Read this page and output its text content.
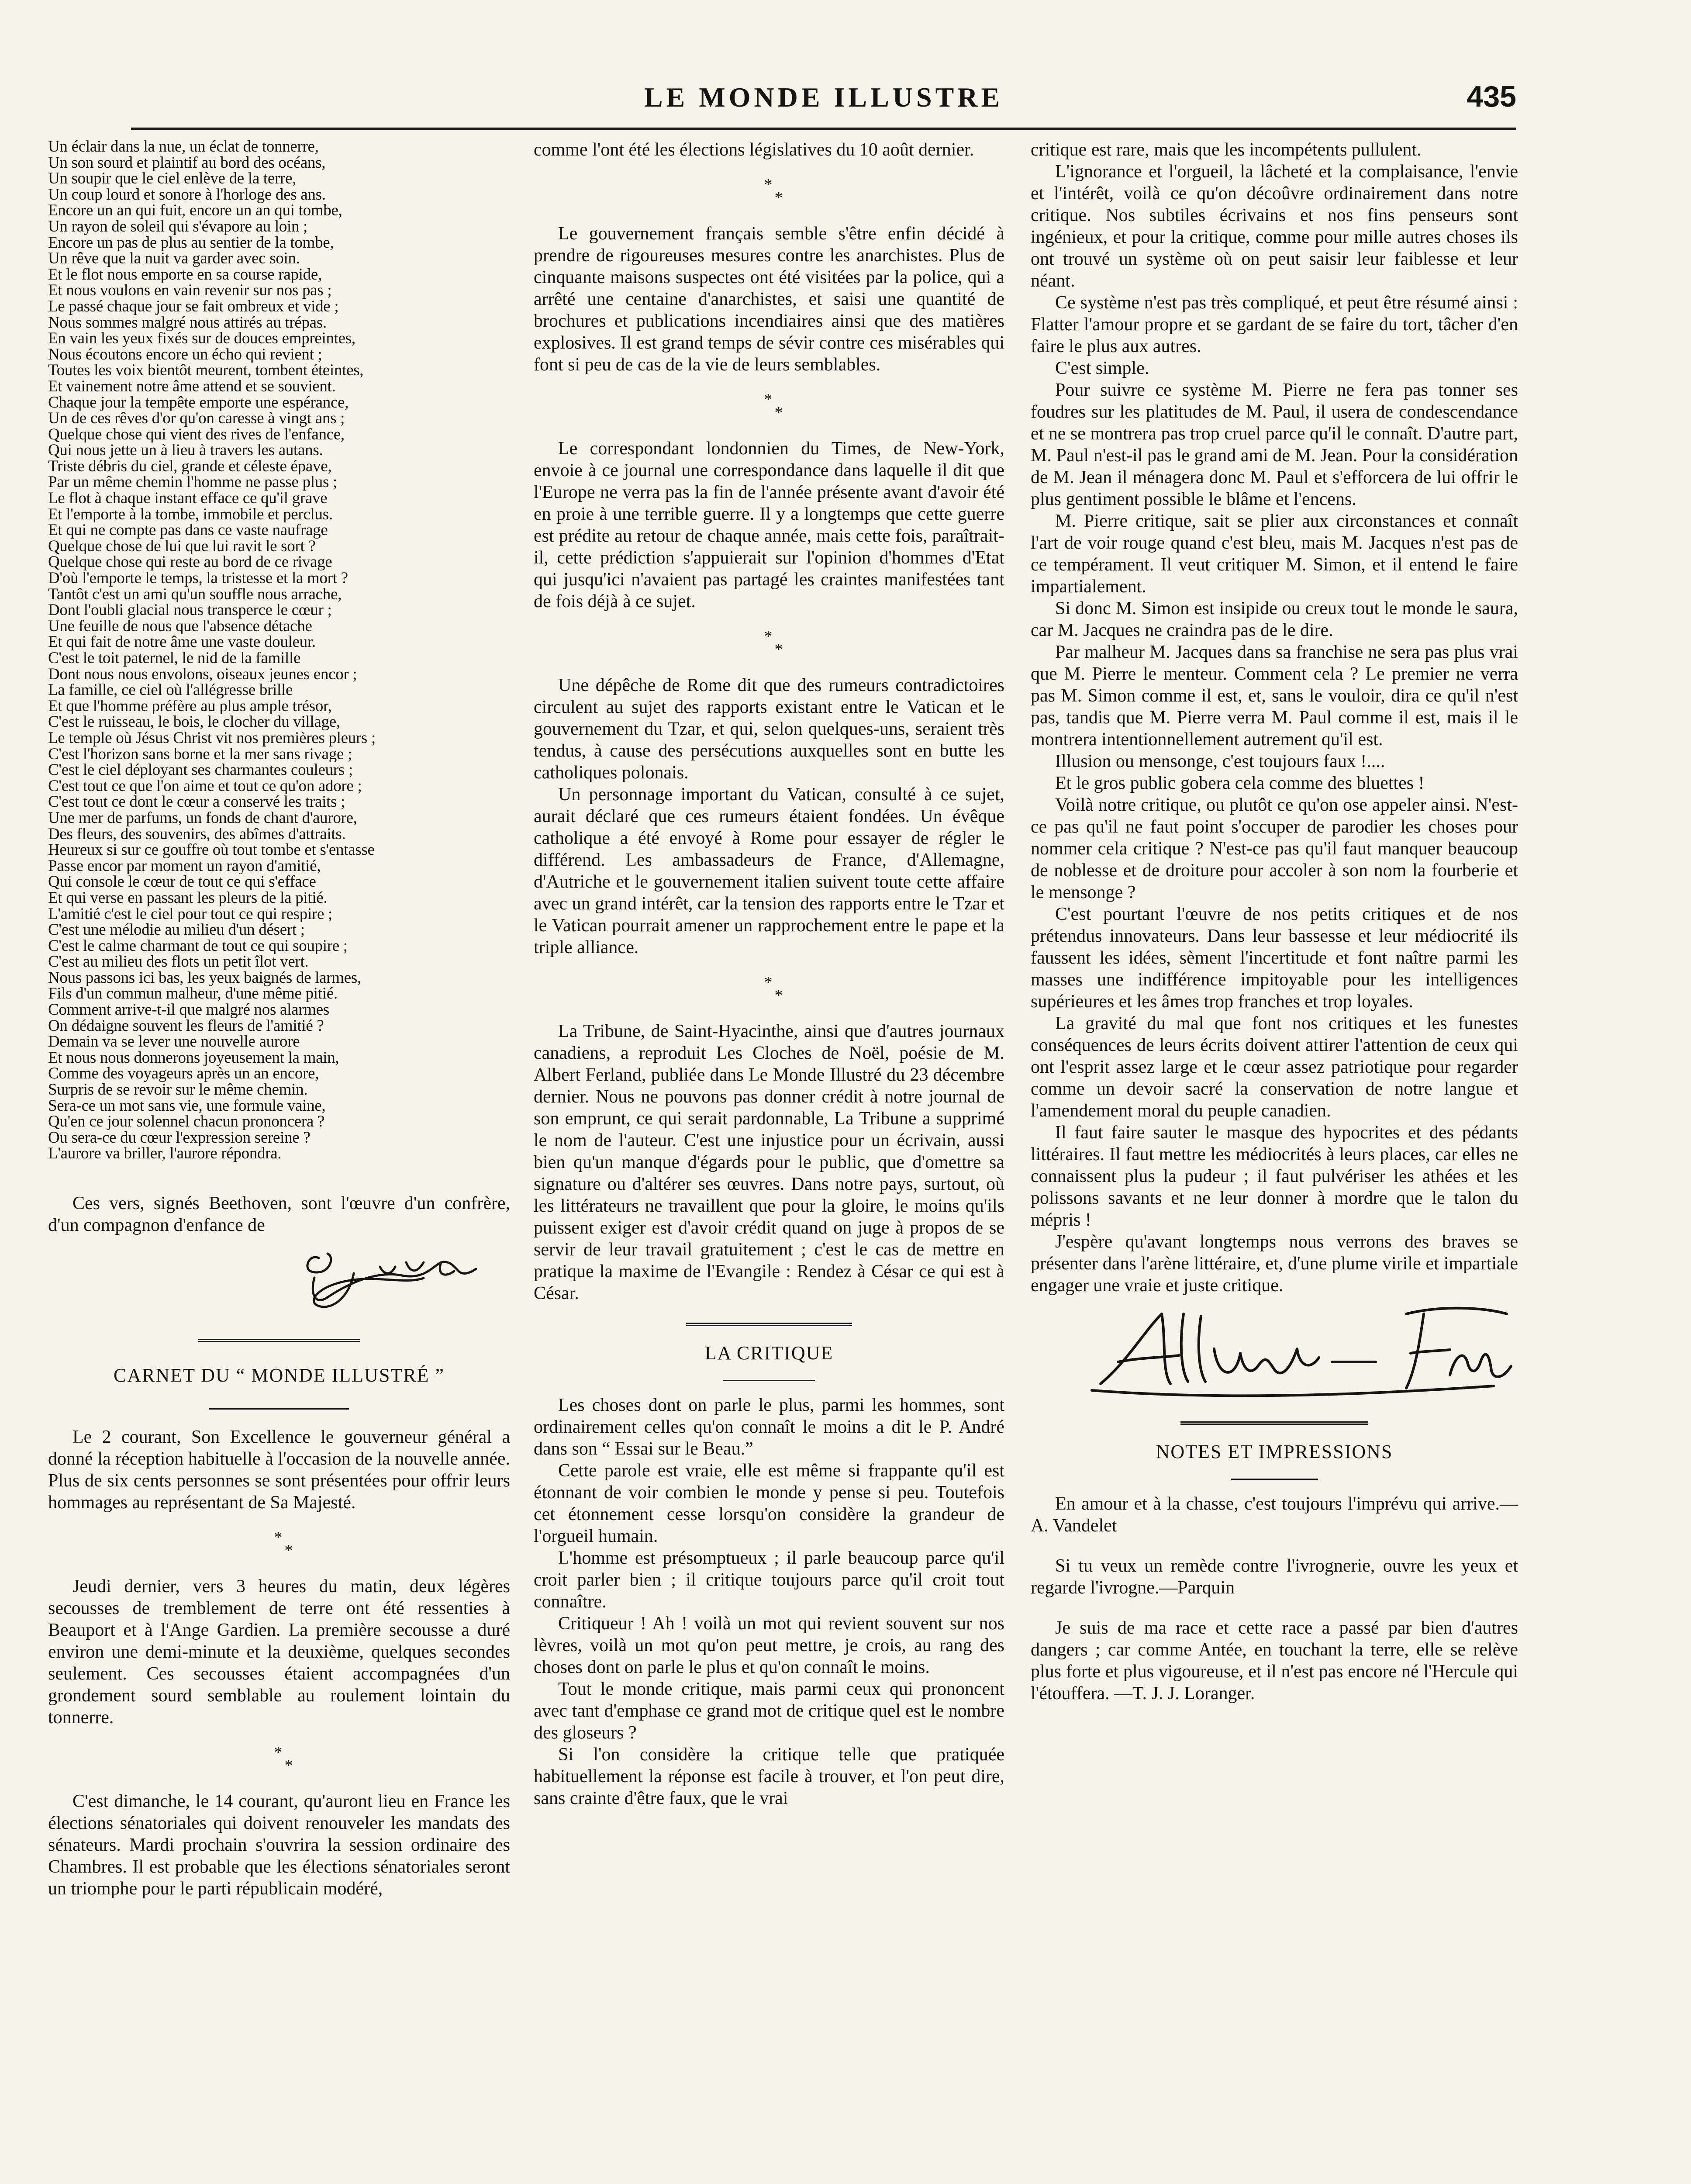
LE MONDE ILLUSTRE	435
Un éclair dans la nue, un éclat de tonnerre,
Un son sourd et plaintif au bord des océans,
Un soupir que le ciel enlève de la terre,
Un coup lourd et sonore à l'horloge des ans.
Encore un an qui fuit, encore un an qui tombe,
Un rayon de soleil qui s'évapore au loin ;
Encore un pas de plus au sentier de la tombe,
Un rêve que la nuit va garder avec soin.
Et le flot nous emporte en sa course rapide,
Et nous voulons en vain revenir sur nos pas ;
Le passé chaque jour se fait ombreux et vide ;
Nous sommes malgré nous attirés au trépas.
En vain les yeux fixés sur de douces empreintes,
Nous écoutons encore un écho qui revient ;
Toutes les voix bientôt meurent, tombent éteintes,
Et vainement notre âme attend et se souvient.
Chaque jour la tempête emporte une espérance,
Un de ces rêves d'or qu'on caresse à vingt ans ;
Quelque chose qui vient des rives de l'enfance,
Qui nous jette un à lieu à travers les autans.
Triste débris du ciel, grande et céleste épave,
Par un même chemin l'homme ne passe plus ;
Le flot à chaque instant efface ce qu'il grave
Et l'emporte à la tombe, immobile et perclus.
Et qui ne compte pas dans ce vaste naufrage
Quelque chose de lui que lui ravit le sort ?
Quelque chose qui reste au bord de ce rivage
D'où l'emporte le temps, la tristesse et la mort ?
Tantôt c'est un ami qu'un souffle nous arrache,
Dont l'oubli glacial nous transperce le cœur ;
Une feuille de nous que l'absence détache
Et qui fait de notre âme une vaste douleur.
C'est le toit paternel, le nid de la famille
Dont nous nous envolons, oiseaux jeunes encor ;
La famille, ce ciel où l'allégresse brille
Et que l'homme préfère au plus ample trésor,
C'est le ruisseau, le bois, le clocher du village,
Le temple où Jésus Christ vit nos premières pleurs ;
C'est l'horizon sans borne et la mer sans rivage ;
C'est le ciel déployant ses charmantes couleurs ;
C'est tout ce que l'on aime et tout ce qu'on adore ;
C'est tout ce dont le cœur a conservé les traits ;
Une mer de parfums, un fonds de chant d'aurore,
Des fleurs, des souvenirs, des abîmes d'attraits.
Heureux si sur ce gouffre où tout tombe et s'entasse
Passe encor par moment un rayon d'amitié,
Qui console le cœur de tout ce qui s'efface
Et qui verse en passant les pleurs de la pitié.
L'amitié c'est le ciel pour tout ce qui respire ;
C'est une mélodie au milieu d'un désert ;
C'est le calme charmant de tout ce qui soupire ;
C'est au milieu des flots un petit îlot vert.
Nous passons ici bas, les yeux baignés de larmes,
Fils d'un commun malheur, d'une même pitié.
Comment arrive-t-il que malgré nos alarmes
On dédaigne souvent les fleurs de l'amitié ?
Demain va se lever une nouvelle aurore
Et nous nous donnerons joyeusement la main,
Comme des voyageurs après un an encore,
Surpris de se revoir sur le même chemin.
Sera-ce un mot sans vie, une formule vaine,
Qu'en ce jour solennel chacun prononcera ?
Ou sera-ce du cœur l'expression sereine ?
L'aurore va briller, l'aurore répondra.

Ces vers, signés Beethoven, sont l'œuvre d'un confrère, d'un compagnon d'enfance de

CARNET DU “ MONDE ILLUSTRÉ ”

Le 2 courant, Son Excellence le gouverneur général a donné la réception habituelle à l'occasion de la nouvelle année. Plus de six cents personnes se sont présentées pour offrir leurs hommages au représentant de Sa Majesté.

*
*

Jeudi dernier, vers 3 heures du matin, deux légères secousses de tremblement de terre ont été ressenties à Beauport et à l'Ange Gardien. La première secousse a duré environ une demi-minute et la deuxième, quelques secondes seulement. Ces secousses étaient accompagnées d'un grondement sourd semblable au roulement lointain du tonnerre.

*
*

C'est dimanche, le 14 courant, qu'auront lieu en France les élections sénatoriales qui doivent renouveler les mandats des sénateurs. Mardi prochain s'ouvrira la session ordinaire des Chambres. Il est probable que les élections sénatoriales seront un triomphe pour le parti républicain modéré,

comme l'ont été les élections législatives du 10 août dernier.

*
*

Le gouvernement français semble s'être enfin décidé à prendre de rigoureuses mesures contre les anarchistes. Plus de cinquante maisons suspectes ont été visitées par la police, qui a arrêté une centaine d'anarchistes, et saisi une quantité de brochures et publications incendiaires ainsi que des matières explosives. Il est grand temps de sévir contre ces misérables qui font si peu de cas de la vie de leurs semblables.

*
*

Le correspondant londonnien du Times, de New-York, envoie à ce journal une correspondance dans laquelle il dit que l'Europe ne verra pas la fin de l'année présente avant d'avoir été en proie à une terrible guerre. Il y a longtemps que cette guerre est prédite au retour de chaque année, mais cette fois, paraîtrait-il, cette prédiction s'appuierait sur l'opinion d'hommes d'Etat qui jusqu'ici n'avaient pas partagé les craintes manifestées tant de fois déjà à ce sujet.

*
*

Une dépêche de Rome dit que des rumeurs contradictoires circulent au sujet des rapports existant entre le Vatican et le gouvernement du Tzar, et qui, selon quelques-uns, seraient très tendus, à cause des persécutions auxquelles sont en butte les catholiques polonais.

Un personnage important du Vatican, consulté à ce sujet, aurait déclaré que ces rumeurs étaient fondées. Un évêque catholique a été envoyé à Rome pour essayer de régler le différend. Les ambassadeurs de France, d'Allemagne, d'Autriche et le gouvernement italien suivent toute cette affaire avec un grand intérêt, car la tension des rapports entre le Tzar et le Vatican pourrait amener un rapprochement entre le pape et la triple alliance.

*
*

La Tribune, de Saint-Hyacinthe, ainsi que d'autres journaux canadiens, a reproduit Les Cloches de Noël, poésie de M. Albert Ferland, publiée dans Le Monde Illustré du 23 décembre dernier. Nous ne pouvons pas donner crédit à notre journal de son emprunt, ce qui serait pardonnable, La Tribune a supprimé le nom de l'auteur. C'est une injustice pour un écrivain, aussi bien qu'un manque d'égards pour le public, que d'omettre sa signature ou d'altérer ses œuvres. Dans notre pays, surtout, où les littérateurs ne travaillent que pour la gloire, le moins qu'ils puissent exiger est d'avoir crédit quand on juge à propos de se servir de leur travail gratuitement ; c'est le cas de mettre en pratique la maxime de l'Evangile : Rendez à César ce qui est à César.

LA CRITIQUE

Les choses dont on parle le plus, parmi les hommes, sont ordinairement celles qu'on connaît le moins a dit le P. André dans son “ Essai sur le Beau.”

Cette parole est vraie, elle est même si frappante qu'il est étonnant de voir combien le monde y pense si peu. Toutefois cet étonnement cesse lorsqu'on considère la grandeur de l'orgueil humain.

L'homme est présomptueux ; il parle beaucoup parce qu'il croit parler bien ; il critique toujours parce qu'il croit tout connaître.

Critiqueur ! Ah ! voilà un mot qui revient souvent sur nos lèvres, voilà un mot qu'on peut mettre, je crois, au rang des choses dont on parle le plus et qu'on connaît le moins.

Tout le monde critique, mais parmi ceux qui prononcent avec tant d'emphase ce grand mot de critique quel est le nombre des gloseurs ?

Si l'on considère la critique telle que pratiquée habituellement la réponse est facile à trouver, et l'on peut dire, sans crainte d'être faux, que le vrai

critique est rare, mais que les incompétents pullulent.

L'ignorance et l'orgueil, la lâcheté et la complaisance, l'envie et l'intérêt, voilà ce qu'on décoûvre ordinairement dans notre critique. Nos subtiles écrivains et nos fins penseurs sont ingénieux, et pour la critique, comme pour mille autres choses ils ont trouvé un système où on peut saisir leur faiblesse et leur néant.

Ce système n'est pas très compliqué, et peut être résumé ainsi : Flatter l'amour propre et se gardant de se faire du tort, tâcher d'en faire le plus aux autres.

C'est simple.

Pour suivre ce système M. Pierre ne fera pas tonner ses foudres sur les platitudes de M. Paul, il usera de condescendance et ne se montrera pas trop cruel parce qu'il le connaît. D'autre part, M. Paul n'est-il pas le grand ami de M. Jean. Pour la considération de M. Jean il ménagera donc M. Paul et s'efforcera de lui offrir le plus gentiment possible le blâme et l'encens.

M. Pierre critique, sait se plier aux circonstances et connaît l'art de voir rouge quand c'est bleu, mais M. Jacques n'est pas de ce tempérament. Il veut critiquer M. Simon, et il entend le faire impartialement.

Si donc M. Simon est insipide ou creux tout le monde le saura, car M. Jacques ne craindra pas de le dire.

Par malheur M. Jacques dans sa franchise ne sera pas plus vrai que M. Pierre le menteur. Comment cela ? Le premier ne verra pas M. Simon comme il est, et, sans le vouloir, dira ce qu'il n'est pas, tandis que M. Pierre verra M. Paul comme il est, mais il le montrera intentionnellement autrement qu'il est.

Illusion ou mensonge, c'est toujours faux !....

Et le gros public gobera cela comme des bluettes !

Voilà notre critique, ou plutôt ce qu'on ose appeler ainsi. N'est-ce pas qu'il ne faut point s'occuper de parodier les choses pour nommer cela critique ? N'est-ce pas qu'il faut manquer beaucoup de noblesse et de droiture pour accoler à son nom la fourberie et le mensonge ?

C'est pourtant l'œuvre de nos petits critiques et de nos prétendus innovateurs. Dans leur bassesse et leur médiocrité ils faussent les idées, sèment l'incertitude et font naître parmi les masses une indifférence impitoyable pour les intelligences supérieures et les âmes trop franches et trop loyales.

La gravité du mal que font nos critiques et les funestes conséquences de leurs écrits doivent attirer l'attention de ceux qui ont l'esprit assez large et le cœur assez patriotique pour regarder comme un devoir sacré la conservation de notre langue et l'amendement moral du peuple canadien.

Il faut faire sauter le masque des hypocrites et des pédants littéraires. Il faut mettre les médiocrités à leurs places, car elles ne connaissent plus la pudeur ; il faut pulvériser les athées et les polissons savants et ne leur donner à mordre que le talon du mépris !

J'espère qu'avant longtemps nous verrons des braves se présenter dans l'arène littéraire, et, d'une plume virile et impartiale engager une vraie et juste critique.

NOTES ET IMPRESSIONS

En amour et à la chasse, c'est toujours l'imprévu qui arrive.— A. Vandelet

Si tu veux un remède contre l'ivrognerie, ouvre les yeux et regarde l'ivrogne.—Parquin

Je suis de ma race et cette race a passé par bien d'autres dangers ; car comme Antée, en touchant la terre, elle se relève plus forte et plus vigoureuse, et il n'est pas encore né l'Hercule qui l'étouffera. —T. J. J. Loranger.
